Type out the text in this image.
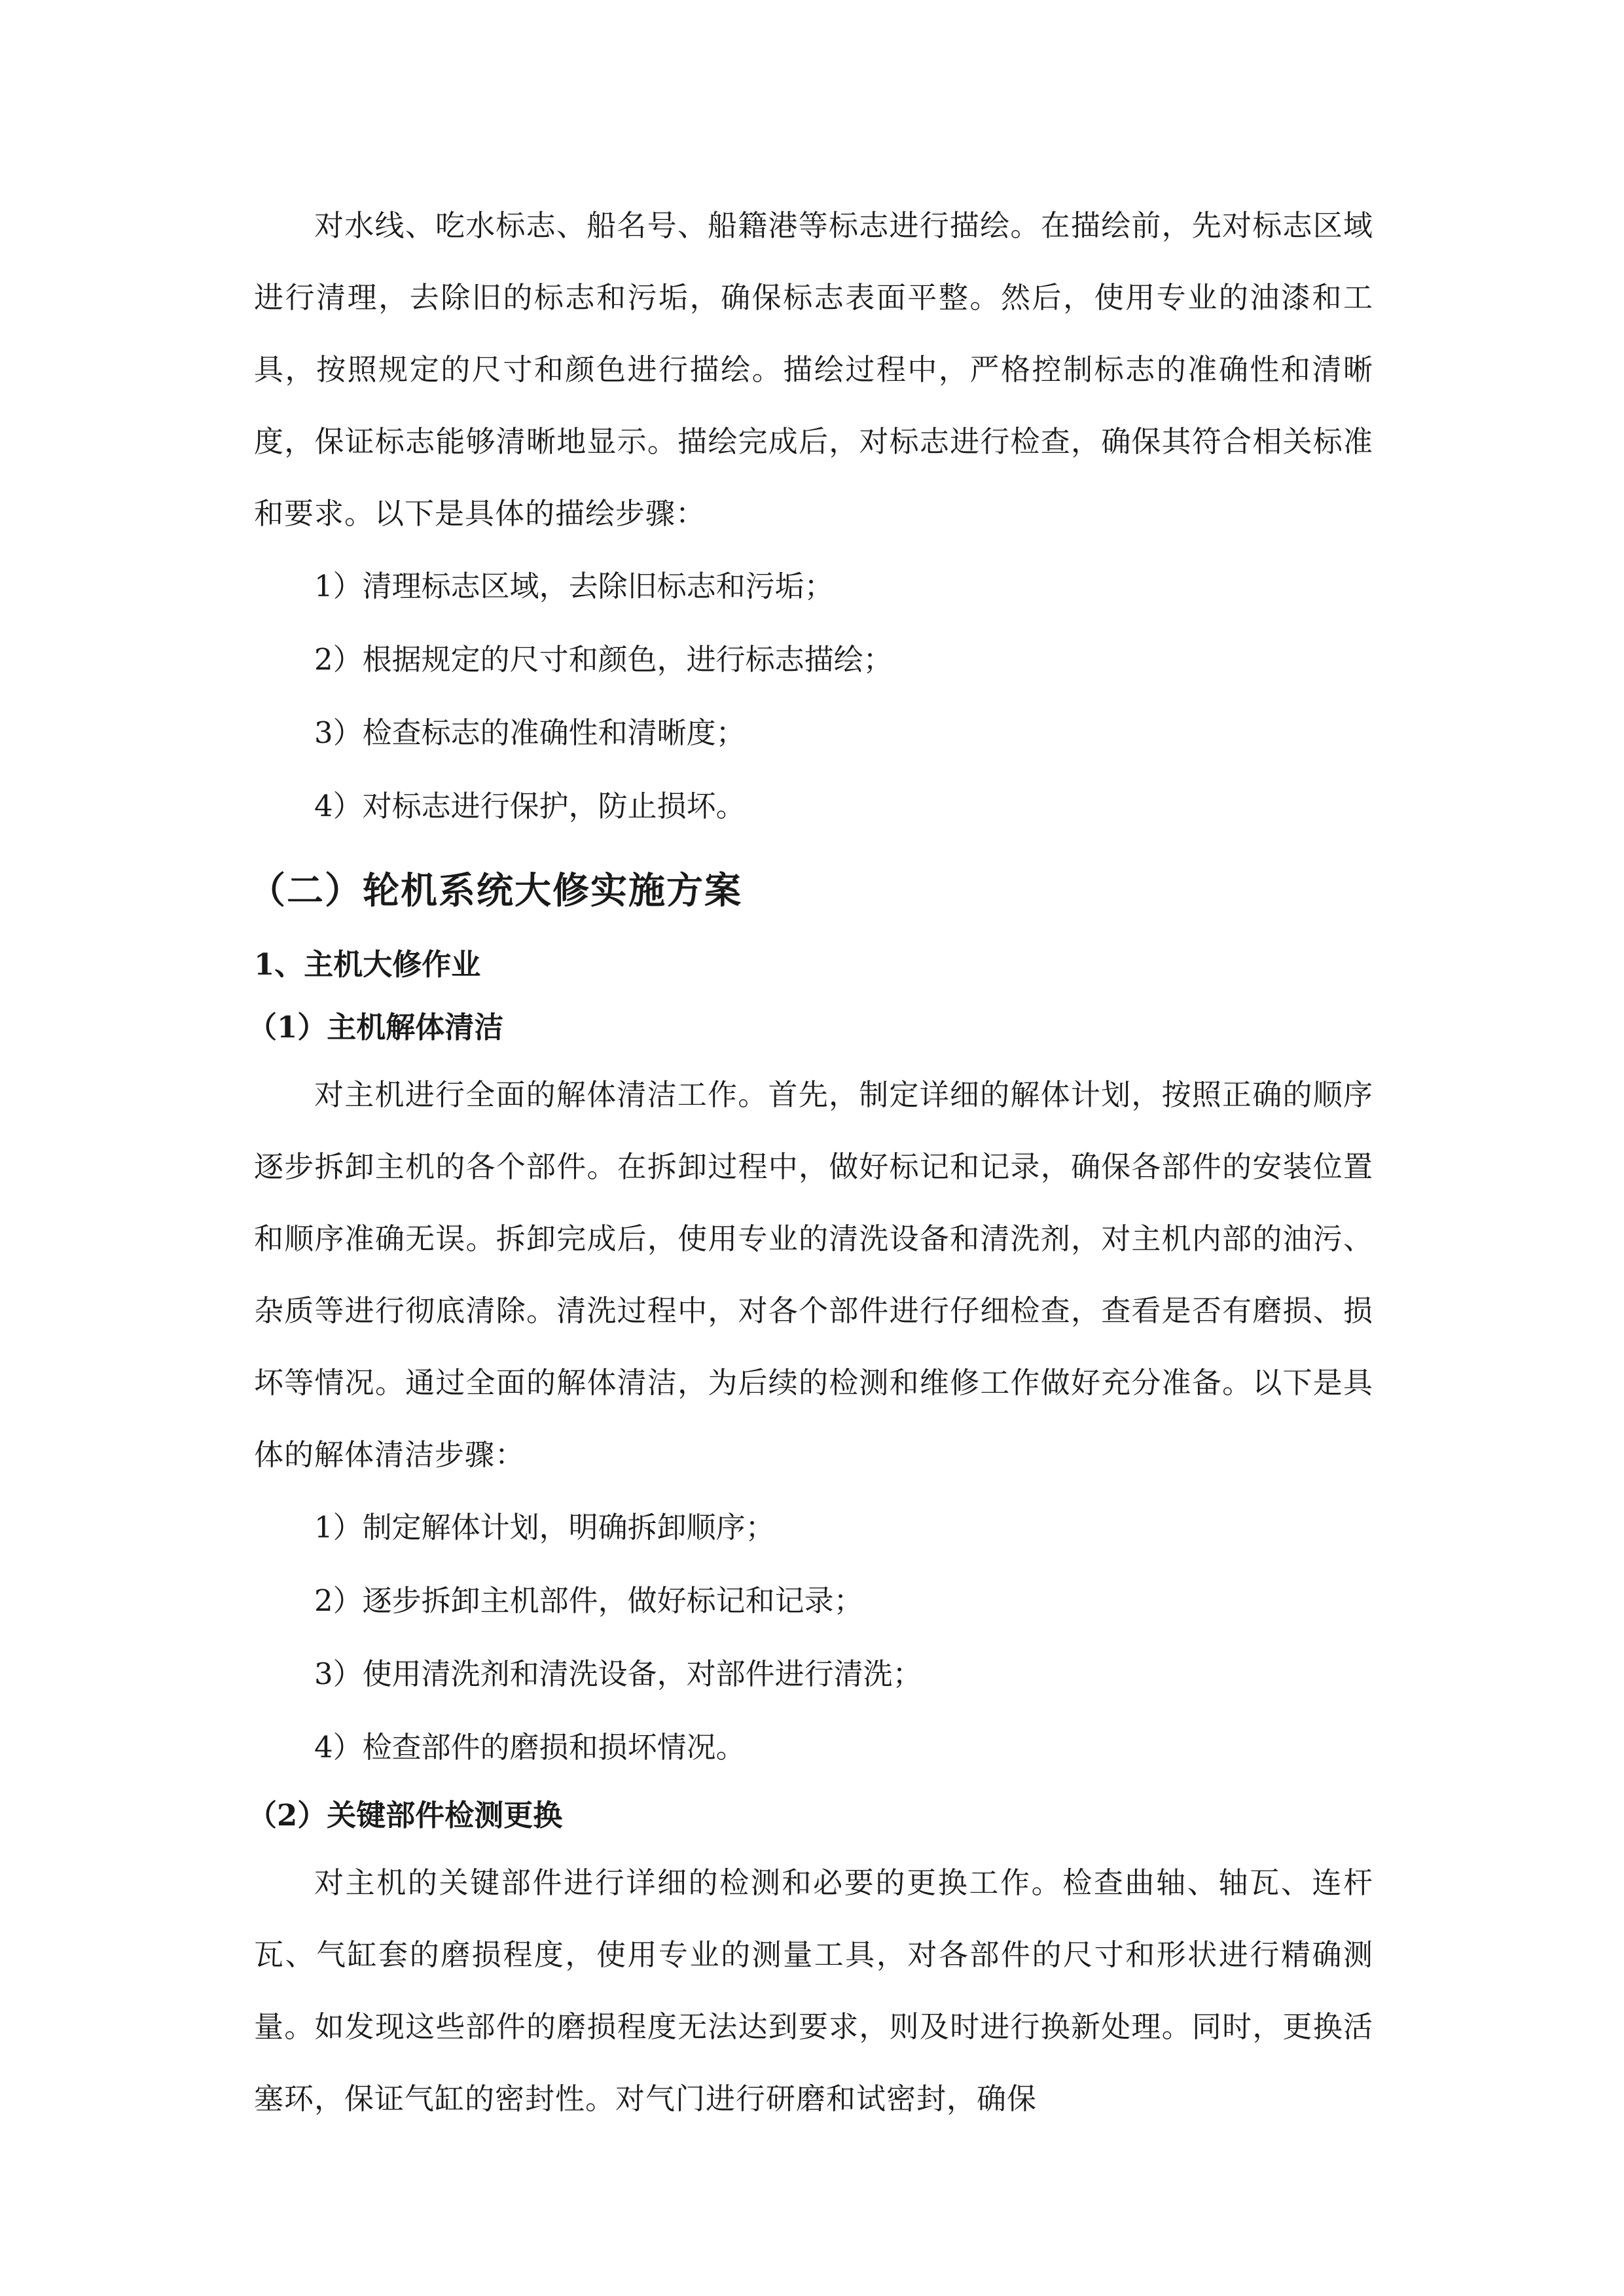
对水线、吃水标志、船名号、船籍港等标志进行描绘。在描绘前，先对标志区域进行清理，去除旧的标志和污垢，确保标志表面平整。然后，使用专业的油漆和工具，按照规定的尺寸和颜色进行描绘。描绘过程中，严格控制标志的准确性和清晰度，保证标志能够清晰地显示。描绘完成后，对标志进行检查，确保其符合相关标准和要求。以下是具体的描绘步骤：

1）清理标志区域，去除旧标志和污垢；

2）根据规定的尺寸和颜色，进行标志描绘；

3）检查标志的准确性和清晰度；

4）对标志进行保护，防止损坏。

（二）轮机系统大修实施方案
1、主机大修作业
（1）主机解体清洁

对主机进行全面的解体清洁工作。首先，制定详细的解体计划，按照正确的顺序逐步拆卸主机的各个部件。在拆卸过程中，做好标记和记录，确保各部件的安装位置和顺序准确无误。拆卸完成后，使用专业的清洗设备和清洗剂，对主机内部的油污、杂质等进行彻底清除。清洗过程中，对各个部件进行仔细检查，查看是否有磨损、损坏等情况。通过全面的解体清洁，为后续的检测和维修工作做好充分准备。以下是具体的解体清洁步骤：

1）制定解体计划，明确拆卸顺序；

2）逐步拆卸主机部件，做好标记和记录；

3）使用清洗剂和清洗设备，对部件进行清洗；

4）检查部件的磨损和损坏情况。

（2）关键部件检测更换

对主机的关键部件进行详细的检测和必要的更换工作。检查曲轴、轴瓦、连杆瓦、气缸套的磨损程度，使用专业的测量工具，对各部件的尺寸和形状进行精确测量。如发现这些部件的磨损程度无法达到要求，则及时进行换新处理。同时，更换活塞环，保证气缸的密封性。对气门进行研磨和试密封，确保
